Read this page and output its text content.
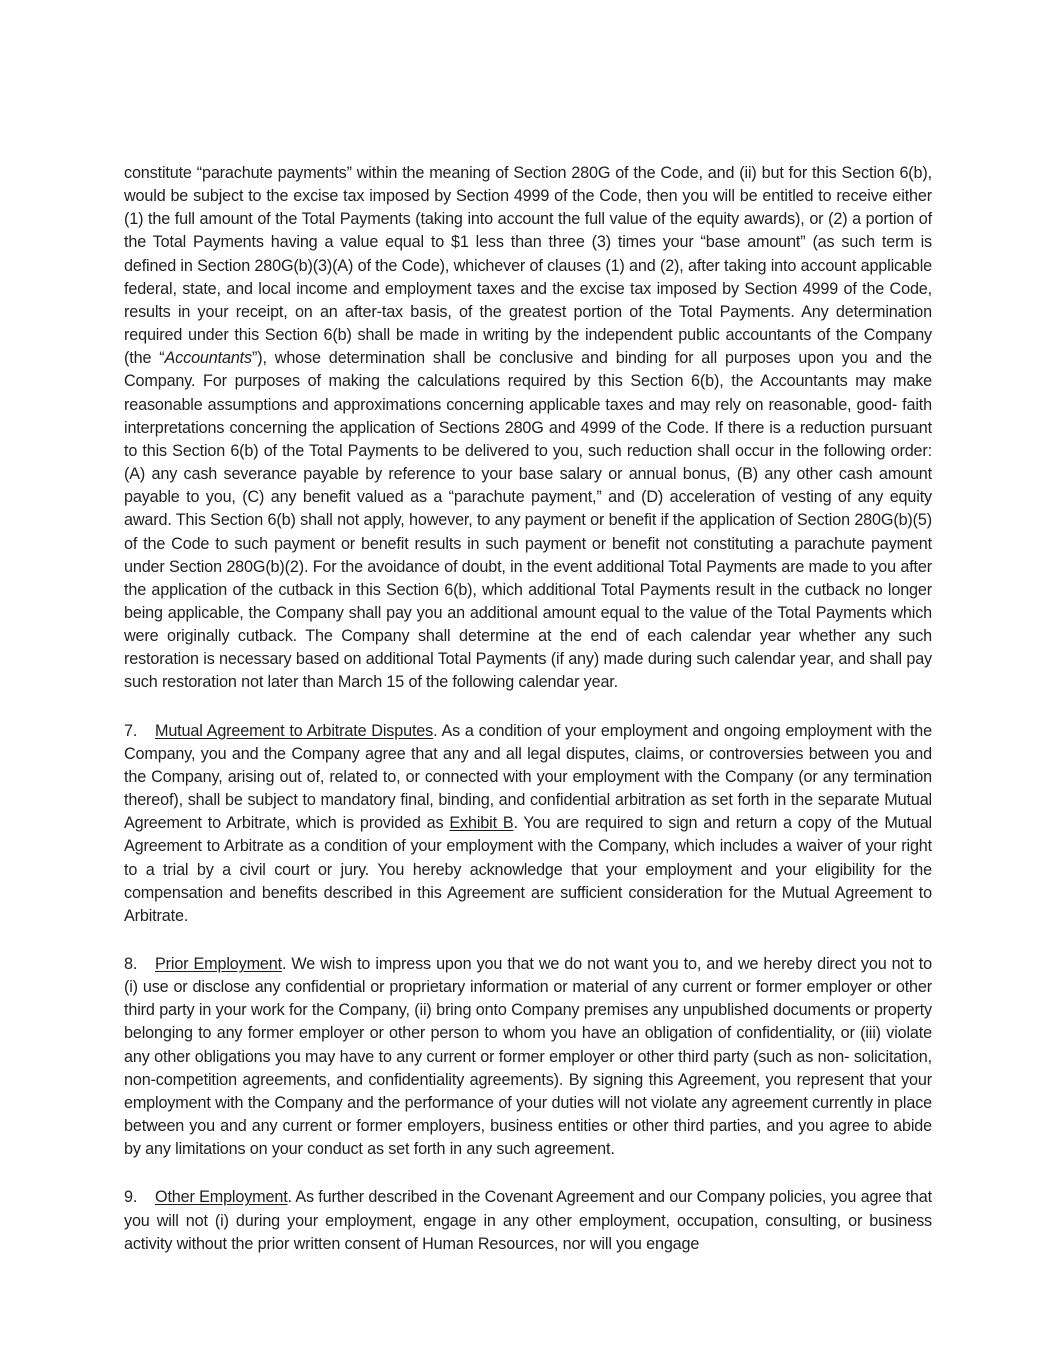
constitute “parachute payments” within the meaning of Section 280G of the Code, and (ii) but for this Section 6(b), would be subject to the excise tax imposed by Section 4999 of the Code, then you will be entitled to receive either (1) the full amount of the Total Payments (taking into account the full value of the equity awards), or (2) a portion of the Total Payments having a value equal to $1 less than three (3) times your “base amount” (as such term is defined in Section 280G(b)(3)(A) of the Code), whichever of clauses (1) and (2), after taking into account applicable federal, state, and local income and employment taxes and the excise tax imposed by Section 4999 of the Code, results in your receipt, on an after-tax basis, of the greatest portion of the Total Payments. Any determination required under this Section 6(b) shall be made in writing by the independent public accountants of the Company (the “Accountants”), whose determination shall be conclusive and binding for all purposes upon you and the Company. For purposes of making the calculations required by this Section 6(b), the Accountants may make reasonable assumptions and approximations concerning applicable taxes and may rely on reasonable, good- faith interpretations concerning the application of Sections 280G and 4999 of the Code. If there is a reduction pursuant to this Section 6(b) of the Total Payments to be delivered to you, such reduction shall occur in the following order: (A) any cash severance payable by reference to your base salary or annual bonus, (B) any other cash amount payable to you, (C) any benefit valued as a “parachute payment,” and (D) acceleration of vesting of any equity award. This Section 6(b) shall not apply, however, to any payment or benefit if the application of Section 280G(b)(5) of the Code to such payment or benefit results in such payment or benefit not constituting a parachute payment under Section 280G(b)(2). For the avoidance of doubt, in the event additional Total Payments are made to you after the application of the cutback in this Section 6(b), which additional Total Payments result in the cutback no longer being applicable, the Company shall pay you an additional amount equal to the value of the Total Payments which were originally cutback. The Company shall determine at the end of each calendar year whether any such restoration is necessary based on additional Total Payments (if any) made during such calendar year, and shall pay such restoration not later than March 15 of the following calendar year.

7. Mutual Agreement to Arbitrate Disputes. As a condition of your employment and ongoing employment with the Company, you and the Company agree that any and all legal disputes, claims, or controversies between you and the Company, arising out of, related to, or connected with your employment with the Company (or any termination thereof), shall be subject to mandatory final, binding, and confidential arbitration as set forth in the separate Mutual Agreement to Arbitrate, which is provided as Exhibit B. You are required to sign and return a copy of the Mutual Agreement to Arbitrate as a condition of your employment with the Company, which includes a waiver of your right to a trial by a civil court or jury. You hereby acknowledge that your employment and your eligibility for the compensation and benefits described in this Agreement are sufficient consideration for the Mutual Agreement to Arbitrate.

8. Prior Employment. We wish to impress upon you that we do not want you to, and we hereby direct you not to (i) use or disclose any confidential or proprietary information or material of any current or former employer or other third party in your work for the Company, (ii) bring onto Company premises any unpublished documents or property belonging to any former employer or other person to whom you have an obligation of confidentiality, or (iii) violate any other obligations you may have to any current or former employer or other third party (such as non- solicitation, non-competition agreements, and confidentiality agreements). By signing this Agreement, you represent that your employment with the Company and the performance of your duties will not violate any agreement currently in place between you and any current or former employers, business entities or other third parties, and you agree to abide by any limitations on your conduct as set forth in any such agreement.

9. Other Employment. As further described in the Covenant Agreement and our Company policies, you agree that you will not (i) during your employment, engage in any other employment, occupation, consulting, or business activity without the prior written consent of Human Resources, nor will you engage
